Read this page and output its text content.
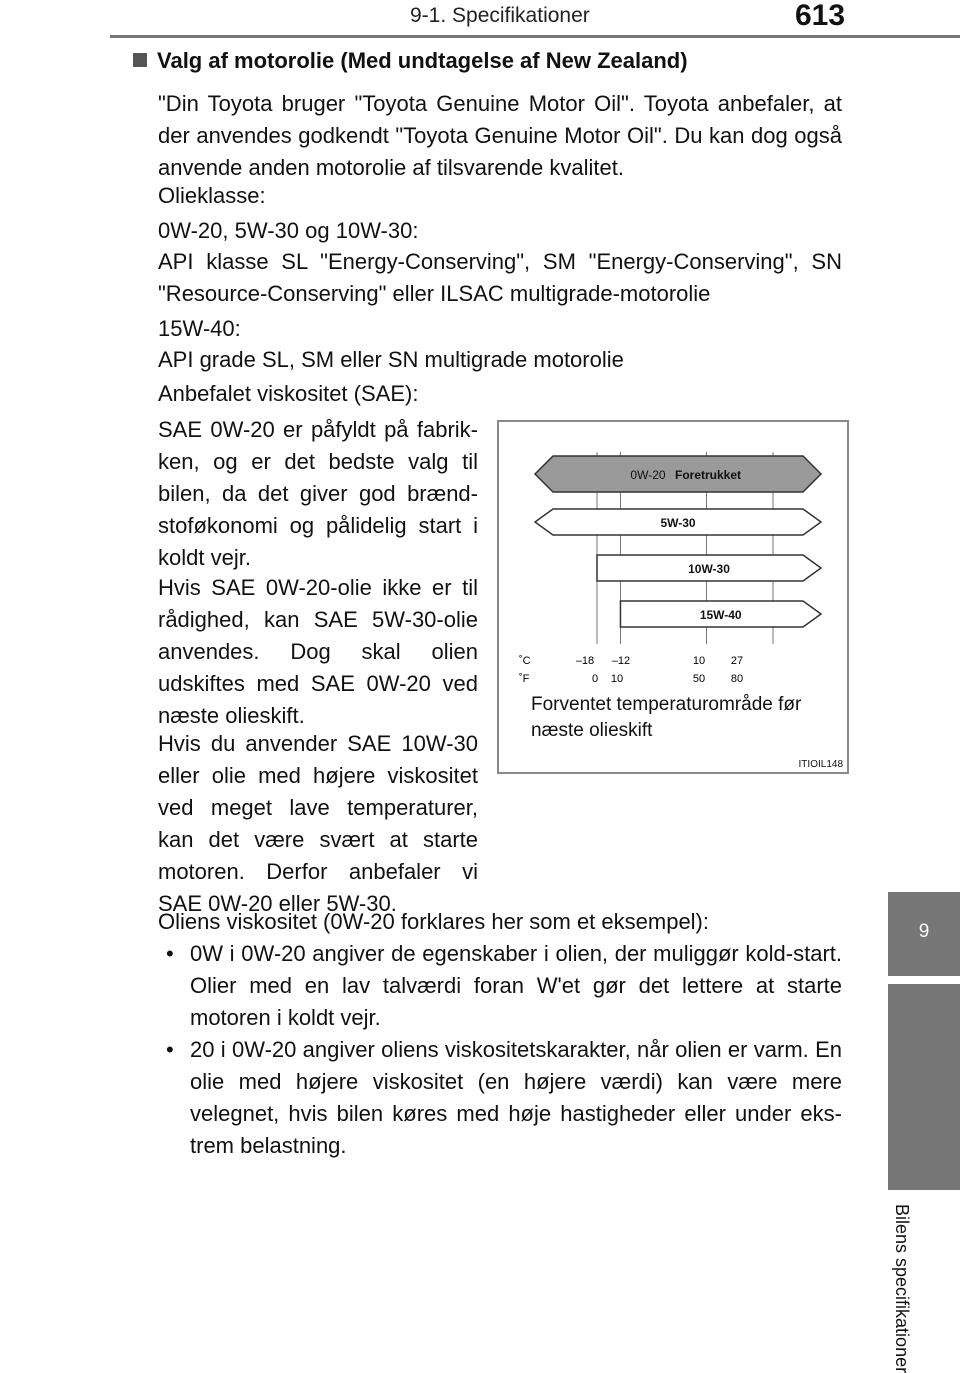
9-1. Specifikationer	613
9
Bilens specifikationer
Valg af motorolie (Med undtagelse af New Zealand)
"Din Toyota bruger "Toyota Genuine Motor Oil". Toyota anbefaler, at der anvendes godkendt "Toyota Genuine Motor Oil". Du kan dog også anvende anden motorolie af tilsvarende kvalitet.
Olieklasse:
0W-20, 5W-30 og 10W-30:
API klasse SL "Energy-Conserving", SM "Energy-Conserving", SN "Resource-Conserving" eller ILSAC multigrade-motorolie
15W-40:
API grade SL, SM eller SN multigrade motorolie
Anbefalet viskositet (SAE):
SAE 0W-20 er påfyldt på fabrik-ken, og er det bedste valg til bilen, da det giver god brænd-stoføkonomi og pålidelig start i koldt vejr.
Hvis SAE 0W-20-olie ikke er til rådighed, kan SAE 5W-30-olie anvendes. Dog skal olien udskiftes med SAE 0W-20 ved næste olieskift.
Hvis du anvender SAE 10W-30 eller olie med højere viskositet ved meget lave temperaturer, kan det være svært at starte motoren. Derfor anbefaler vi SAE 0W-20 eller 5W-30.
0W-20 Foretrukket
5W-30
10W-30
15W-40
˚C
˚F
–18 –12	10 27
0 10	50 80
Forventet temperaturområde før næste olieskift
ITIOIL148
Oliens viskositet (0W-20 forklares her som et eksempel):
• 0W i 0W-20 angiver de egenskaber i olien, der muliggør kold-start. Olier med en lav talværdi foran W'et gør det lettere at starte motoren i koldt vejr.
• 20 i 0W-20 angiver oliens viskositetskarakter, når olien er varm. En olie med højere viskositet (en højere værdi) kan være mere velegnet, hvis bilen køres med høje hastigheder eller under eks-trem belastning.
